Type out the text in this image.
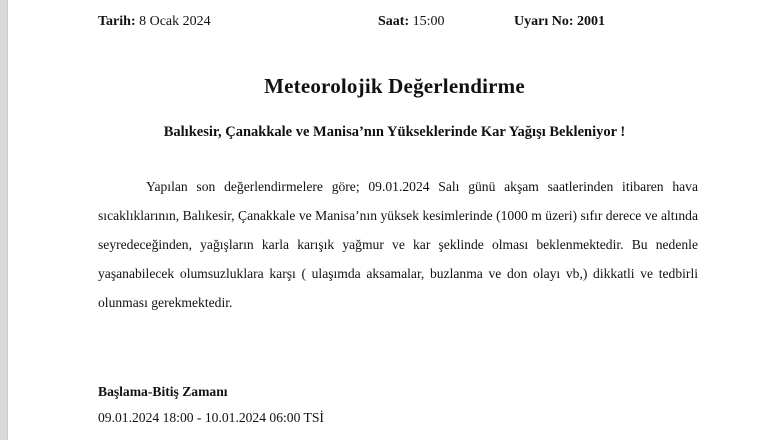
Tarih: 8 Ocak 2024	Saat: 15:00	Uyarı No: 2001
Meteorolojik Değerlendirme
Balıkesir, Çanakkale ve Manisa’nın Yükseklerinde Kar Yağışı Bekleniyor !

Yapılan son değerlendirmelere göre; 09.01.2024 Salı günü akşam saatlerinden itibaren hava sıcaklıklarının, Balıkesir, Çanakkale ve Manisa’nın yüksek kesimlerinde (1000 m üzeri) sıfır derece ve altında seyredeceğinden, yağışların karla karışık yağmur ve kar şeklinde olması beklenmektedir. Bu nedenle yaşanabilecek olumsuzluklara karşı ( ulaşımda aksamalar, buzlanma ve don olayı vb,) dikkatli ve tedbirli olunması gerekmektedir.

Başlama-Bitiş Zamanı
09.01.2024 18:00 - 10.01.2024 06:00 TSİ
